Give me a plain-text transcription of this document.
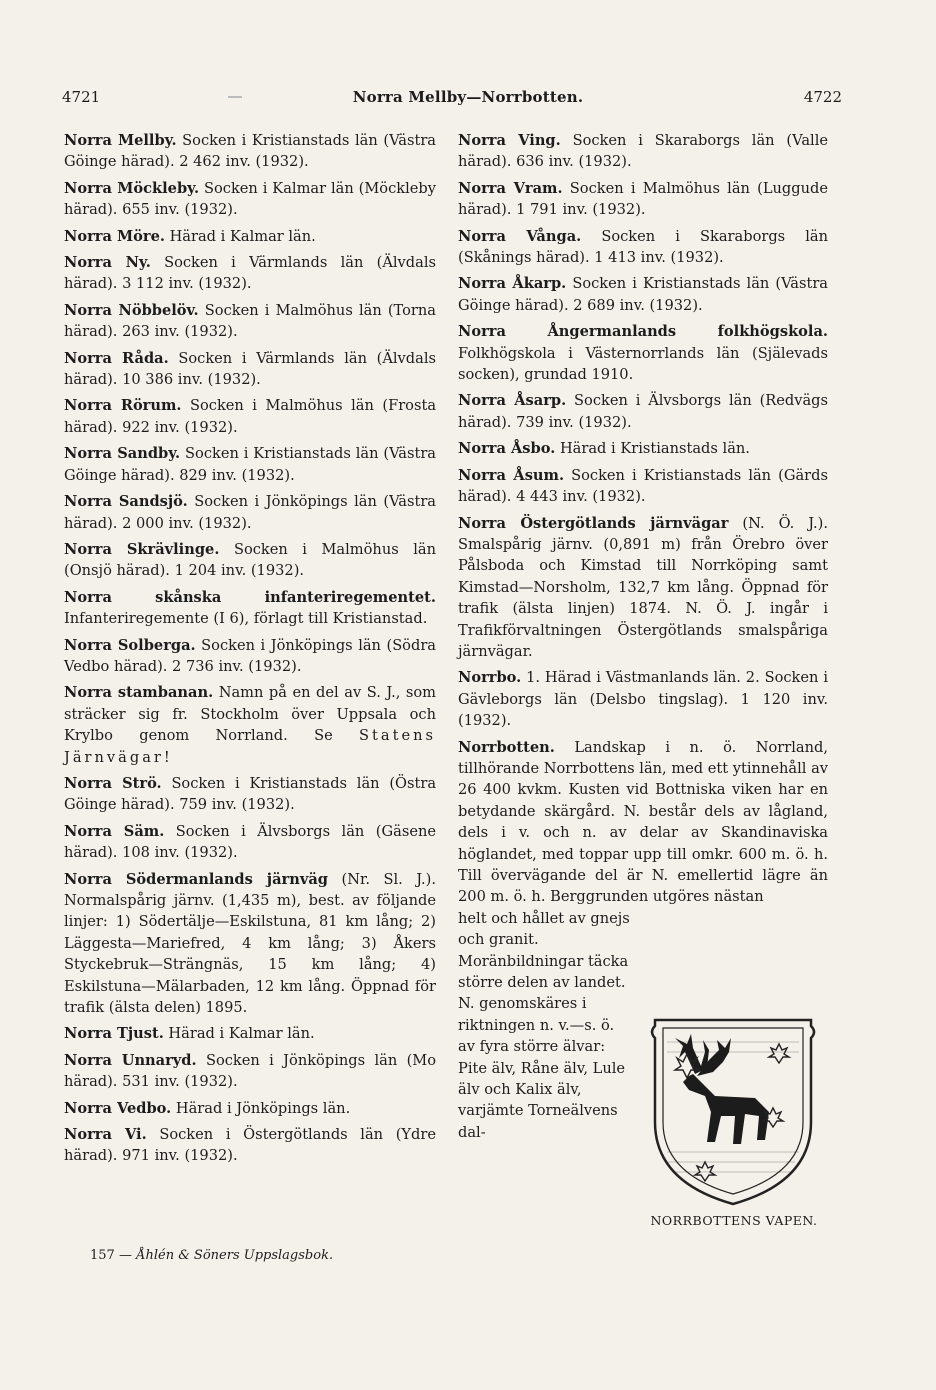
4721	Norra Mellby—Norrbotten.	4722
Norra Mellby. Socken i Kristianstads län (Västra Göinge härad). 2 462 inv. (1932).
Norra Möckleby. Socken i Kalmar län (Möckleby härad). 655 inv. (1932).
Norra Möre. Härad i Kalmar län.
Norra Ny. Socken i Värmlands län (Älvdals härad). 3 112 inv. (1932).
Norra Nöbbelöv. Socken i Malmöhus län (Torna härad). 263 inv. (1932).
Norra Råda. Socken i Värmlands län (Älvdals härad). 10 386 inv. (1932).
Norra Rörum. Socken i Malmöhus län (Frosta härad). 922 inv. (1932).
Norra Sandby. Socken i Kristianstads län (Västra Göinge härad). 829 inv. (1932).
Norra Sandsjö. Socken i Jönköpings län (Västra härad). 2 000 inv. (1932).
Norra Skrävlinge. Socken i Malmöhus län (Onsjö härad). 1 204 inv. (1932).
Norra skånska infanteriregementet. Infanteriregemente (I 6), förlagt till Kristianstad.
Norra Solberga. Socken i Jönköpings län (Södra Vedbo härad). 2 736 inv. (1932).
Norra stambanan. Namn på en del av S. J., som sträcker sig fr. Stockholm över Uppsala och Krylbo genom Norrland. Se Statens Järnvägar!
Norra Strö. Socken i Kristianstads län (Östra Göinge härad). 759 inv. (1932).
Norra Säm. Socken i Älvsborgs län (Gäsene härad). 108 inv. (1932).
Norra Södermanlands järnväg (Nr. Sl. J.). Normalspårig järnv. (1,435 m), best. av följande linjer: 1) Södertälje—Eskilstuna, 81 km lång; 2) Läggesta—Mariefred, 4 km lång; 3) Åkers Styckebruk—Strängnäs, 15 km lång; 4) Eskilstuna—Mälarbaden, 12 km lång. Öppnad för trafik (älsta delen) 1895.
Norra Tjust. Härad i Kalmar län.
Norra Unnaryd. Socken i Jönköpings län (Mo härad). 531 inv. (1932).
Norra Vedbo. Härad i Jönköpings län.
Norra Vi. Socken i Östergötlands län (Ydre härad). 971 inv. (1932).
Norra Ving. Socken i Skaraborgs län (Valle härad). 636 inv. (1932).
Norra Vram. Socken i Malmöhus län (Luggude härad). 1 791 inv. (1932).
Norra Vånga. Socken i Skaraborgs län (Skånings härad). 1 413 inv. (1932).
Norra Åkarp. Socken i Kristianstads län (Västra Göinge härad). 2 689 inv. (1932).
Norra Ångermanlands folkhögskola. Folkhögskola i Västernorrlands län (Själevads socken), grundad 1910.
Norra Åsarp. Socken i Älvsborgs län (Redvägs härad). 739 inv. (1932).
Norra Åsbo. Härad i Kristianstads län.
Norra Åsum. Socken i Kristianstads län (Gärds härad). 4 443 inv. (1932).
Norra Östergötlands järnvägar (N. Ö. J.). Smalspårig järnv. (0,891 m) från Örebro över Pålsboda och Kimstad till Norrköping samt Kimstad—Norsholm, 132,7 km lång. Öppnad för trafik (älsta linjen) 1874. N. Ö. J. ingår i Trafikförvaltningen Östergötlands smalspåriga järnvägar.
Norrbo. 1. Härad i Västmanlands län. 2. Socken i Gävleborgs län (Delsbo tingslag). 1 120 inv. (1932).
Norrbotten. Landskap i n. ö. Norrland, tillhörande Norrbottens län, med ett ytinnehåll av 26 400 kvkm. Kusten vid Bottniska viken har en betydande skärgård. N. består dels av lågland, dels i v. och n. av delar av Skandinaviska höglandet, med toppar upp till omkr. 600 m. ö. h. Till övervägande del är N. emellertid lägre än 200 m. ö. h. Berggrunden utgöres nästan
helt och hållet av gnejs och granit. Moränbildningar täcka större delen av landet. N. genomskäres i riktningen n. v.—s. ö. av fyra större älvar: Pite älv, Råne älv, Lule älv och Kalix älv, varjämte Torneälvens dal-
NORRBOTTENS VAPEN.
157 — Åhlén & Söners Uppslagsbok.
